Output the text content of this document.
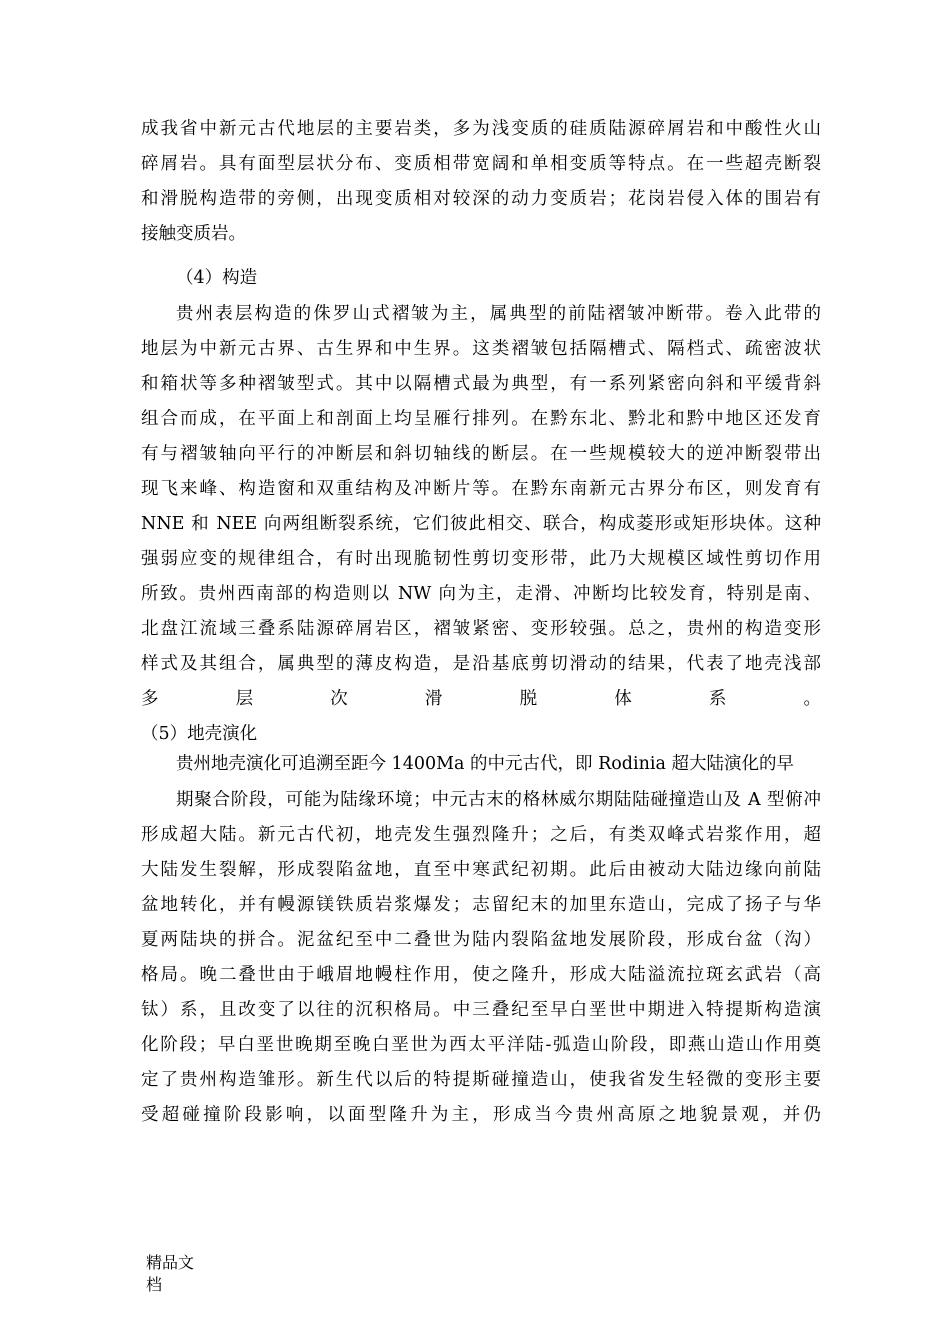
成我省中新元古代地层的主要岩类，多为浅变质的硅质陆源碎屑岩和中酸性火山
碎屑岩。具有面型层状分布、变质相带宽阔和单相变质等特点。在一些超壳断裂
和滑脱构造带的旁侧，出现变质相对较深的动力变质岩；花岗岩侵入体的围岩有
接触变质岩。
（4）构造
贵州表层构造的侏罗山式褶皱为主，属典型的前陆褶皱冲断带。卷入此带的
地层为中新元古界、古生界和中生界。这类褶皱包括隔槽式、隔档式、疏密波状
和箱状等多种褶皱型式。其中以隔槽式最为典型，有一系列紧密向斜和平缓背斜
组合而成，在平面上和剖面上均呈雁行排列。在黔东北、黔北和黔中地区还发育
有与褶皱轴向平行的冲断层和斜切轴线的断层。在一些规模较大的逆冲断裂带出
现飞来峰、构造窗和双重结构及冲断片等。在黔东南新元古界分布区，则发育有
NNE 和 NEE 向两组断裂系统，它们彼此相交、联合，构成菱形或矩形块体。这种
强弱应变的规律组合，有时出现脆韧性剪切变形带，此乃大规模区域性剪切作用
所致。贵州西南部的构造则以 NW 向为主，走滑、冲断均比较发育，特别是南、
北盘江流域三叠系陆源碎屑岩区，褶皱紧密、变形较强。总之，贵州的构造变形
样式及其组合，属典型的薄皮构造，是沿基底剪切滑动的结果，代表了地壳浅部
多层次滑脱体系。
（5）地壳演化
贵州地壳演化可追溯至距今 1400Ma 的中元古代，即 Rodinia 超大陆演化的早
期聚合阶段，可能为陆缘环境；中元古末的格林威尔期陆陆碰撞造山及 A 型俯冲
形成超大陆。新元古代初，地壳发生强烈隆升；之后，有类双峰式岩浆作用，超
大陆发生裂解，形成裂陷盆地，直至中寒武纪初期。此后由被动大陆边缘向前陆
盆地转化，并有幔源镁铁质岩浆爆发；志留纪末的加里东造山，完成了扬子与华
夏两陆块的拼合。泥盆纪至中二叠世为陆内裂陷盆地发展阶段，形成台盆（沟）
格局。晚二叠世由于峨眉地幔柱作用，使之隆升，形成大陆溢流拉斑玄武岩（高
钛）系，且改变了以往的沉积格局。中三叠纪至早白垩世中期进入特提斯构造演
化阶段；早白垩世晚期至晚白垩世为西太平洋陆-弧造山阶段，即燕山造山作用奠
定了贵州构造雏形。新生代以后的特提斯碰撞造山，使我省发生轻微的变形主要
受超碰撞阶段影响，以面型隆升为主，形成当今贵州高原之地貌景观，并仍
精品文
档
